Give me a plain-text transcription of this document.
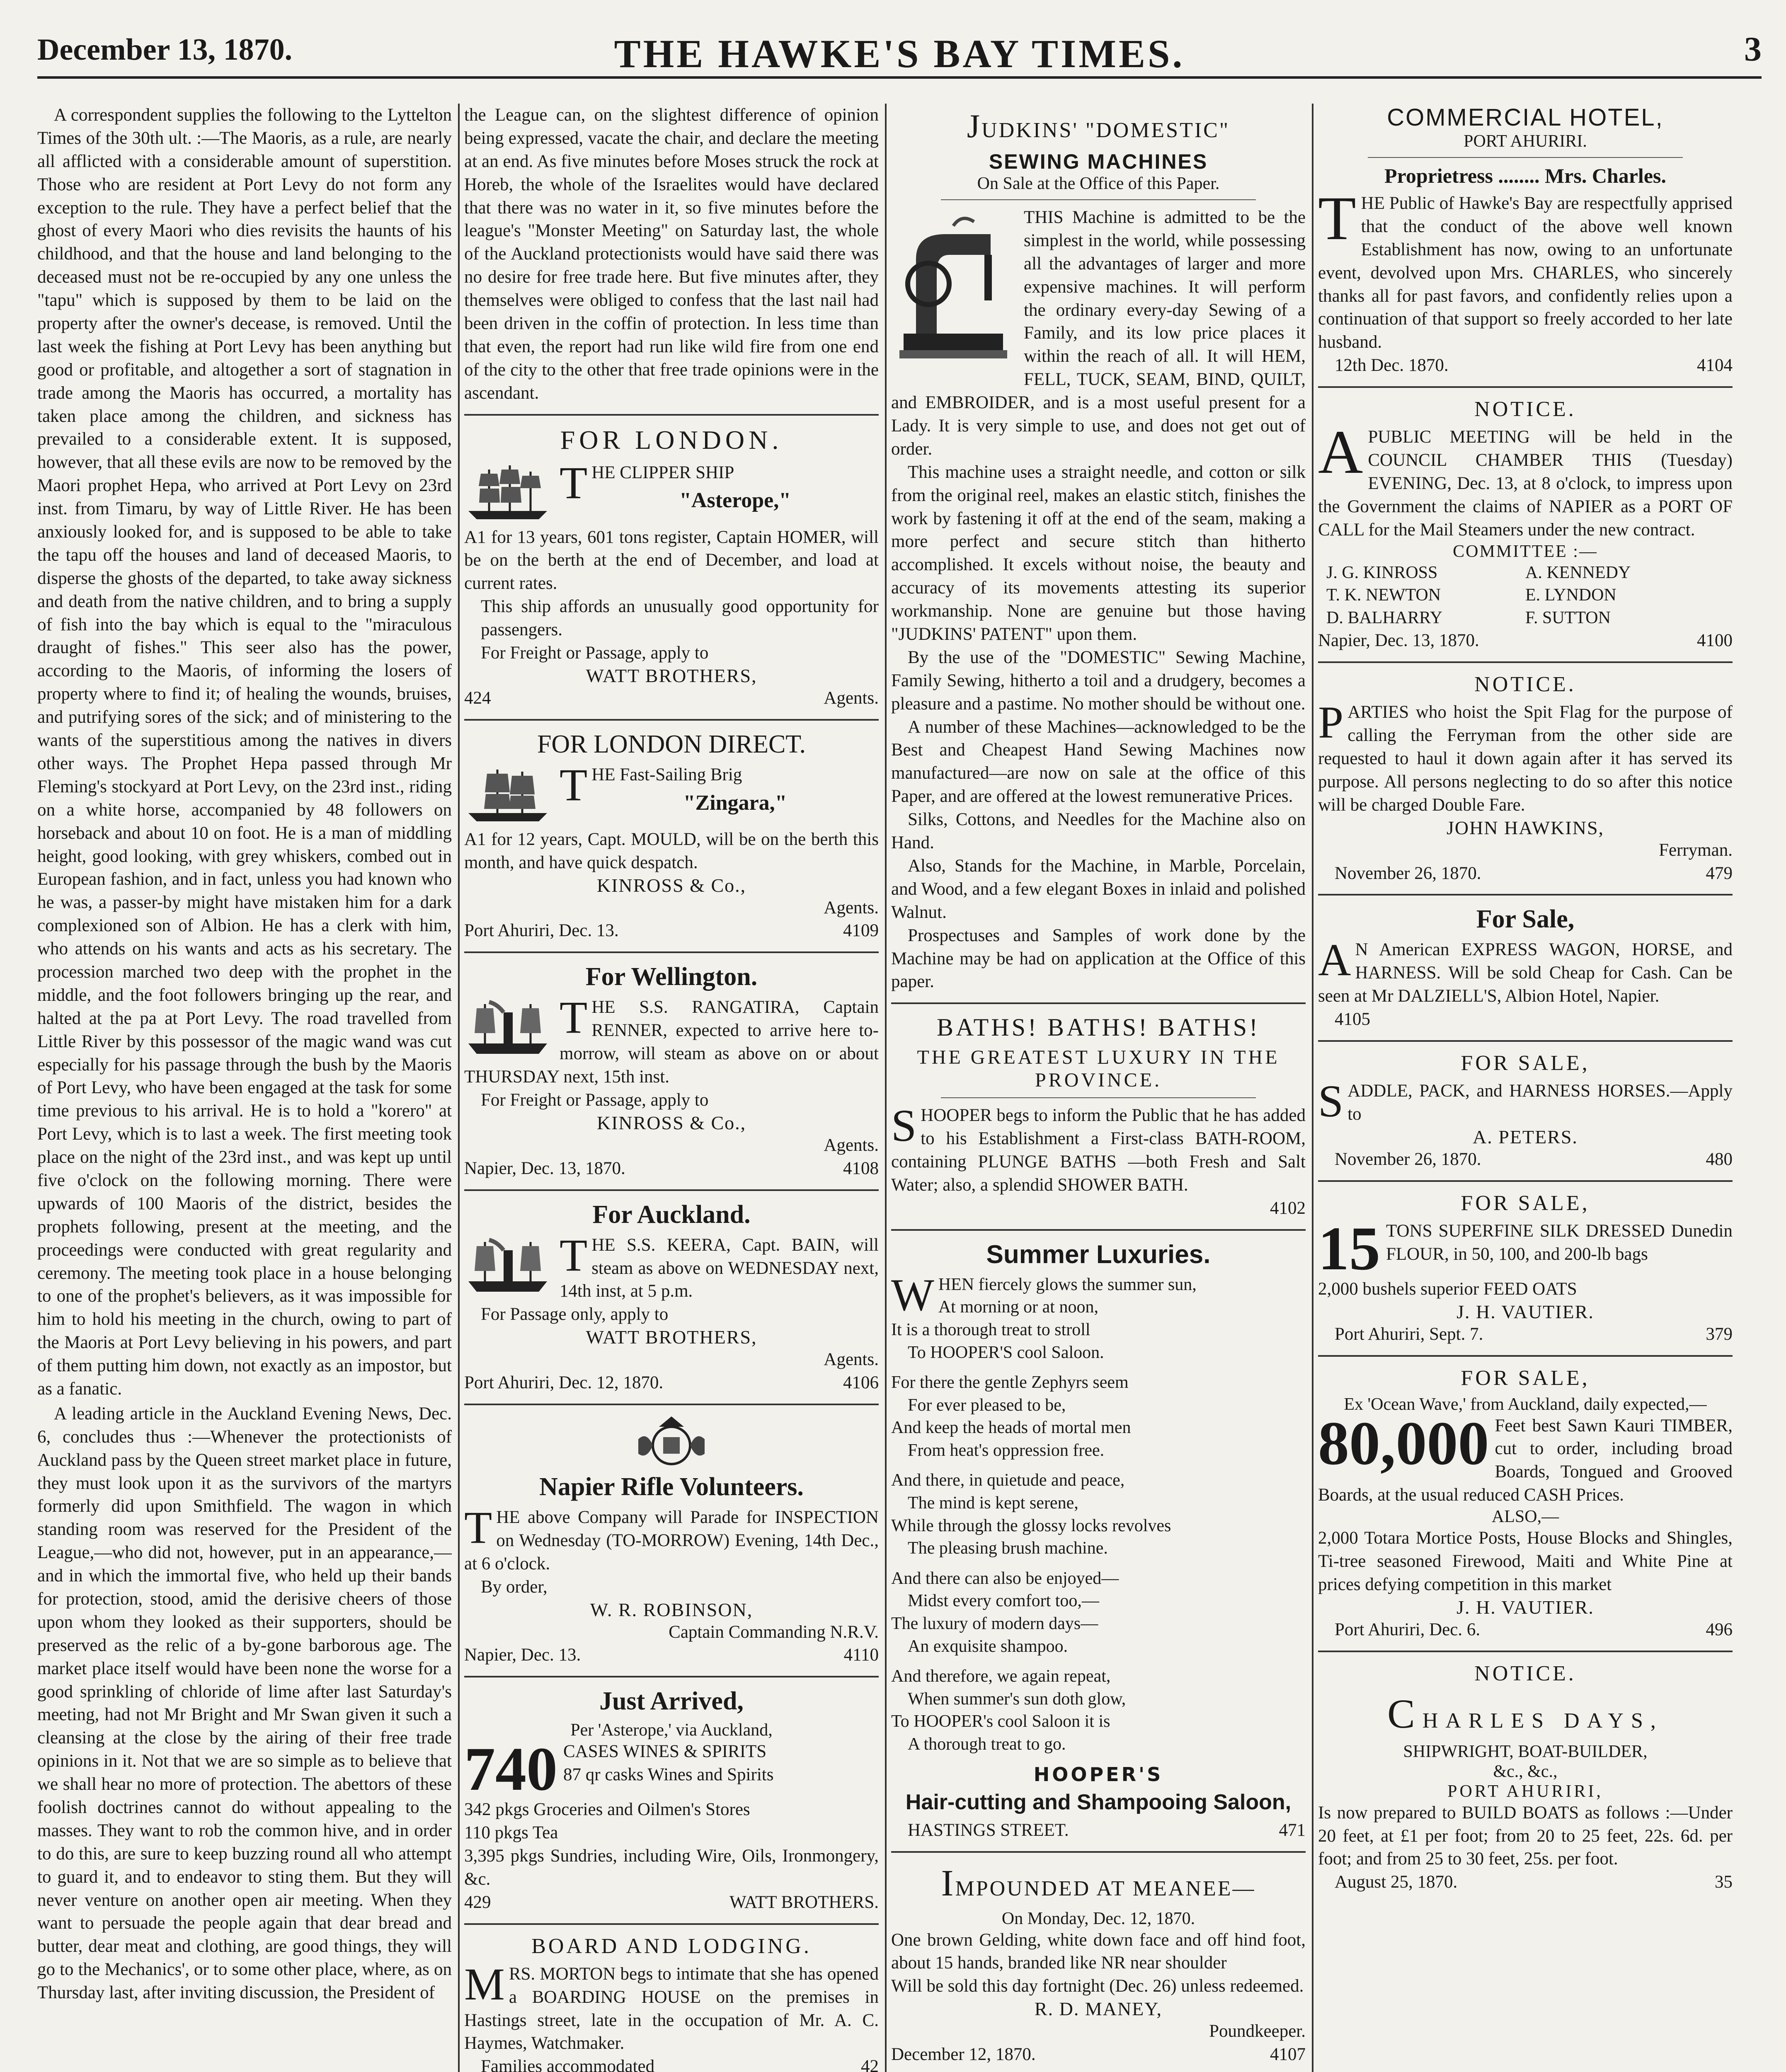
December 13, 1870.	THE HAWKE'S BAY TIMES.	3

A correspondent supplies the following to the Lyttelton Times of the 30th ult. :—The Maoris, as a rule, are nearly all afflicted with a considerable amount of superstition. Those who are resident at Port Levy do not form any exception to the rule. They have a perfect belief that the ghost of every Maori who dies revisits the haunts of his childhood, and that the house and land belonging to the deceased must not be re-occupied by any one unless the "tapu" which is supposed by them to be laid on the property after the owner's decease, is removed. Until the last week the fishing at Port Levy has been anything but good or profitable, and altogether a sort of stagnation in trade among the Maoris has occurred, a mortality has taken place among the children, and sickness has prevailed to a considerable extent. It is supposed, however, that all these evils are now to be removed by the Maori prophet Hepa, who arrived at Port Levy on 23rd inst. from Timaru, by way of Little River. He has been anxiously looked for, and is supposed to be able to take the tapu off the houses and land of deceased Maoris, to disperse the ghosts of the departed, to take away sickness and death from the native children, and to bring a supply of fish into the bay which is equal to the "miraculous draught of fishes." This seer also has the power, according to the Maoris, of informing the losers of property where to find it; of healing the wounds, bruises, and putrifying sores of the sick; and of ministering to the wants of the superstitious among the natives in divers other ways. The Prophet Hepa passed through Mr Fleming's stockyard at Port Levy, on the 23rd inst., riding on a white horse, accompanied by 48 followers on horseback and about 10 on foot. He is a man of middling height, good looking, with grey whiskers, combed out in European fashion, and in fact, unless you had known who he was, a passer-by might have mistaken him for a dark complexioned son of Albion. He has a clerk with him, who attends on his wants and acts as his secretary. The procession marched two deep with the prophet in the middle, and the foot followers bringing up the rear, and halted at the pa at Port Levy. The road travelled from Little River by this possessor of the magic wand was cut especially for his passage through the bush by the Maoris of Port Levy, who have been engaged at the task for some time previous to his arrival. He is to hold a "korero" at Port Levy, which is to last a week. The first meeting took place on the night of the 23rd inst., and was kept up until five o'clock on the following morning. There were upwards of 100 Maoris of the district, besides the prophets following, present at the meeting, and the proceedings were conducted with great regularity and ceremony. The meeting took place in a house belonging to one of the prophet's believers, as it was impossible for him to hold his meeting in the church, owing to part of the Maoris at Port Levy believing in his powers, and part of them putting him down, not exactly as an impostor, but as a fanatic.

A leading article in the Auckland Evening News, Dec. 6, concludes thus :—Whenever the protectionists of Auckland pass by the Queen street market place in future, they must look upon it as the survivors of the martyrs formerly did upon Smithfield. The wagon in which standing room was reserved for the President of the League,—who did not, however, put in an appearance,—and in which the immortal five, who held up their bands for protection, stood, amid the derisive cheers of those upon whom they looked as their supporters, should be preserved as the relic of a by-gone barborous age. The market place itself would have been none the worse for a good sprinkling of chloride of lime after last Saturday's meeting, had not Mr Bright and Mr Swan given it such a cleansing at the close by the airing of their free trade opinions in it. Not that we are so simple as to believe that we shall hear no more of protection. The abettors of these foolish doctrines cannot do without appealing to the masses. They want to rob the common hive, and in order to do this, are sure to keep buzzing round all who attempt to guard it, and to endeavor to sting them. But they will never venture on another open air meeting. When they want to persuade the people again that dear bread and butter, dear meat and clothing, are good things, they will go to the Mechanics', or to some other place, where, as on Thursday last, after inviting discussion, the President of

the League can, on the slightest difference of opinion being expressed, vacate the chair, and declare the meeting at an end. As five minutes before Moses struck the rock at Horeb, the whole of the Israelites would have declared that there was no water in it, so five minutes before the league's "Monster Meeting" on Saturday last, the whole of the Auckland protectionists would have said there was no desire for free trade here. But five minutes after, they themselves were obliged to confess that the last nail had been driven in the coffin of protection. In less time than that even, the report had run like wild fire from one end of the city to the other that free trade opinions were in the ascendant.

FOR LONDON.
THE CLIPPER SHIP
"Asterope,"
A1 for 13 years, 601 tons register, Captain HOMER, will be on the berth at the end of December, and load at current rates.
This ship affords an unusually good opportunity for passengers.
For Freight or Passage, apply to
WATT BROTHERS,
424	Agents.
FOR LONDON DIRECT.
THE Fast-Sailing Brig
"Zingara,"
A1 for 12 years, Capt. MOULD, will be on the berth this month, and have quick despatch.
KINROSS & Co.,
Agents.
Port Ahuriri, Dec. 13.	4109
For Wellington.
THE S.S. RANGATIRA, Captain RENNER, expected to arrive here to-morrow, will steam as above on or about THURSDAY next, 15th inst.
For Freight or Passage, apply to
KINROSS & Co.,
Agents.
Napier, Dec. 13, 1870.	4108
For Auckland.
THE S.S. KEERA, Capt. BAIN, will steam as above on WEDNESDAY next, 14th inst, at 5 p.m.
For Passage only, apply to
WATT BROTHERS,
Agents.
Port Ahuriri, Dec. 12, 1870.	4106
Napier Rifle Volunteers.
THE above Company will Parade for INSPECTION on Wednesday (TO-MORROW) Evening, 14th Dec., at 6 o'clock.
By order,
W. R. ROBINSON,
Captain Commanding N.R.V.
Napier, Dec. 13.	4110
Just Arrived,
Per 'Asterope,' via Auckland,
740 CASES WINES & SPIRITS
87 qr casks Wines and Spirits
342 pkgs Groceries and Oilmen's Stores
110 pkgs Tea
3,395 pkgs Sundries, including Wire, Oils, Ironmongery, &c.
429	WATT BROTHERS.
BOARD AND LODGING.
MRS. MORTON begs to intimate that she has opened a BOARDING HOUSE on the premises in Hastings street, late in the occupation of Mr. A. C. Haymes, Watchmaker.
Families accommodated	42
JUDKINS' "DOMESTIC"
SEWING MACHINES
On Sale at the Office of this Paper.

THIS Machine is admitted to be the simplest in the world, while possessing all the advantages of larger and more expensive machines. It will perform the ordinary every-day Sewing of a Family, and its low price places it within the reach of all. It will HEM, FELL, TUCK, SEAM, BIND, QUILT, and EMBROIDER, and is a most useful present for a Lady. It is very simple to use, and does not get out of order.

This machine uses a straight needle, and cotton or silk from the original reel, makes an elastic stitch, finishes the work by fastening it off at the end of the seam, making a more perfect and secure stitch than hitherto accomplished. It excels without noise, the beauty and accuracy of its movements attesting its superior workmanship. None are genuine but those having "JUDKINS' PATENT" upon them.

By the use of the "DOMESTIC" Sewing Machine, Family Sewing, hitherto a toil and a drudgery, becomes a pleasure and a pastime. No mother should be without one.

A number of these Machines—acknowledged to be the Best and Cheapest Hand Sewing Machines now manufactured—are now on sale at the office of this Paper, and are offered at the lowest remunerative Prices.

Silks, Cottons, and Needles for the Machine also on Hand.

Also, Stands for the Machine, in Marble, Porcelain, and Wood, and a few elegant Boxes in inlaid and polished Walnut.

Prospectuses and Samples of work done by the Machine may be had on application at the Office of this paper.

BATHS! BATHS! BATHS!
THE GREATEST LUXURY IN THE PROVINCE.
SHOOPER begs to inform the Public that he has added to his Establishment a First-class BATH-ROOM, containing PLUNGE BATHS —both Fresh and Salt Water; also, a splendid SHOWER BATH.
4102
Summer Luxuries.
W HEN fiercely glows the summer sun,
At morning or at noon,
It is a thorough treat to stroll
To HOOPER'S cool Saloon.
For there the gentle Zephyrs seem
For ever pleased to be,
And keep the heads of mortal men
From heat's oppression free.
And there, in quietude and peace,
The mind is kept serene,
While through the glossy locks revolves
The pleasing brush machine.
And there can also be enjoyed—
Midst every comfort too,—
The luxury of modern days—
An exquisite shampoo.
And therefore, we again repeat,
When summer's sun doth glow,
To HOOPER's cool Saloon it is
A thorough treat to go.
HOOPER'S
Hair-cutting and Shampooing Saloon,
HASTINGS STREET.	471
IMPOUNDED AT MEANEE—
On Monday, Dec. 12, 1870.
One brown Gelding, white down face and off hind foot, about 15 hands, branded like NR near shoulder
Will be sold this day fortnight (Dec. 26) unless redeemed.
R. D. MANEY,
Poundkeeper.
December 12, 1870.	4107
COMMERCIAL HOTEL,
PORT AHURIRI.
Proprietress ........ Mrs. Charles.
THE Public of Hawke's Bay are respectfully apprised that the conduct of the above well known Establishment has now, owing to an unfortunate event, devolved upon Mrs. CHARLES, who sincerely thanks all for past favors, and confidently relies upon a continuation of that support so freely accorded to her late husband.
12th Dec. 1870.	4104
NOTICE.
APUBLIC MEETING will be held in the COUNCIL CHAMBER THIS (Tuesday) EVENING, Dec. 13, at 8 o'clock, to impress upon the Government the claims of NAPIER as a PORT OF CALL for the Mail Steamers under the new contract.
COMMITTEE :—
J. G. KINROSS	A. KENNEDY
T. K. NEWTON	E. LYNDON
D. BALHARRY	F. SUTTON
Napier, Dec. 13, 1870.	4100
NOTICE.
PARTIES who hoist the Spit Flag for the purpose of calling the Ferryman from the other side are requested to haul it down again after it has served its purpose. All persons neglecting to do so after this notice will be charged Double Fare.
JOHN HAWKINS,
Ferryman.
November 26, 1870.	479
For Sale,
A N American EXPRESS WAGON, HORSE, and HARNESS. Will be sold Cheap for Cash. Can be seen at Mr DALZIELL'S, Albion Hotel, Napier.
4105
FOR SALE,
SADDLE, PACK, and HARNESS HORSES.—Apply to
A. PETERS.
November 26, 1870.	480
FOR SALE,
15 TONS SUPERFINE SILK DRESSED Dunedin FLOUR, in 50, 100, and 200-lb bags
2,000 bushels superior FEED OATS
J. H. VAUTIER.
Port Ahuriri, Sept. 7.	379
FOR SALE,
Ex 'Ocean Wave,' from Auckland, daily expected,—
80,000 Feet best Sawn Kauri TIMBER, cut to order, including broad Boards, Tongued and Grooved Boards, at the usual reduced CASH Prices.
ALSO,—
2,000 Totara Mortice Posts, House Blocks and Shingles, Ti-tree seasoned Firewood, Maiti and White Pine at prices defying competition in this market
J. H. VAUTIER.
Port Ahuriri, Dec. 6.	496
NOTICE.
CHARLES DAYS,
SHIPWRIGHT, BOAT-BUILDER,
&c., &c.,
PORT AHURIRI,
Is now prepared to BUILD BOATS as follows :—Under 20 feet, at £1 per foot; from 20 to 25 feet, 22s. 6d. per foot; and from 25 to 30 feet, 25s. per foot.
August 25, 1870.	35
